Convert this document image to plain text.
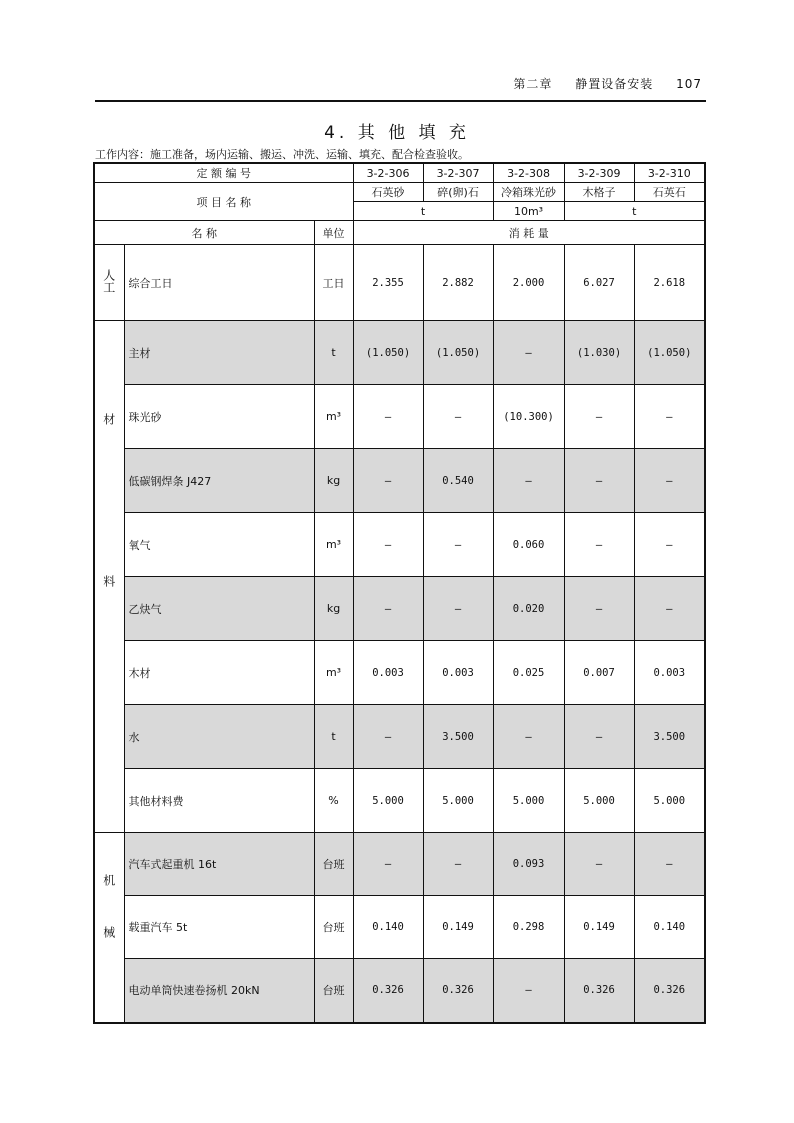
第二章 静置设备安装 107
4. 其 他 填 充
工作内容：施工准备，场内运输、搬运、冲洗、运输、填充、配合检查验收。
定 额 编 号			3-2-306	3-2-307	3-2-308	3-2-309	3-2-310
项 目 名 称			石英砂	碎(卵)石	冷箱珠光砂	木格子	石英石
			t		10m³	t	
名 称		单位	消 耗 量				
人工	综合工日	工日	2.355	2.882	2.000	6.027	2.618
材料	主材	t	(1.050)	(1.050)	—	(1.030)	(1.050)
	珠光砂	m³	—	—	(10.300)	—	—
	低碳钢焊条 J427	kg	—	0.540	—	—	—
	氧气	m³	—	—	0.060	—	—
	乙炔气	kg	—	—	0.020	—	—
	木材	m³	0.003	0.003	0.025	0.007	0.003
	水	t	—	3.500	—	—	3.500
	其他材料费	%	5.000	5.000	5.000	5.000	5.000
机械	汽车式起重机 16t	台班	—	—	0.093	—	—
	载重汽车 5t	台班	0.140	0.149	0.298	0.149	0.140
	电动单筒快速卷扬机 20kN	台班	0.326	0.326	—	0.326	0.326
